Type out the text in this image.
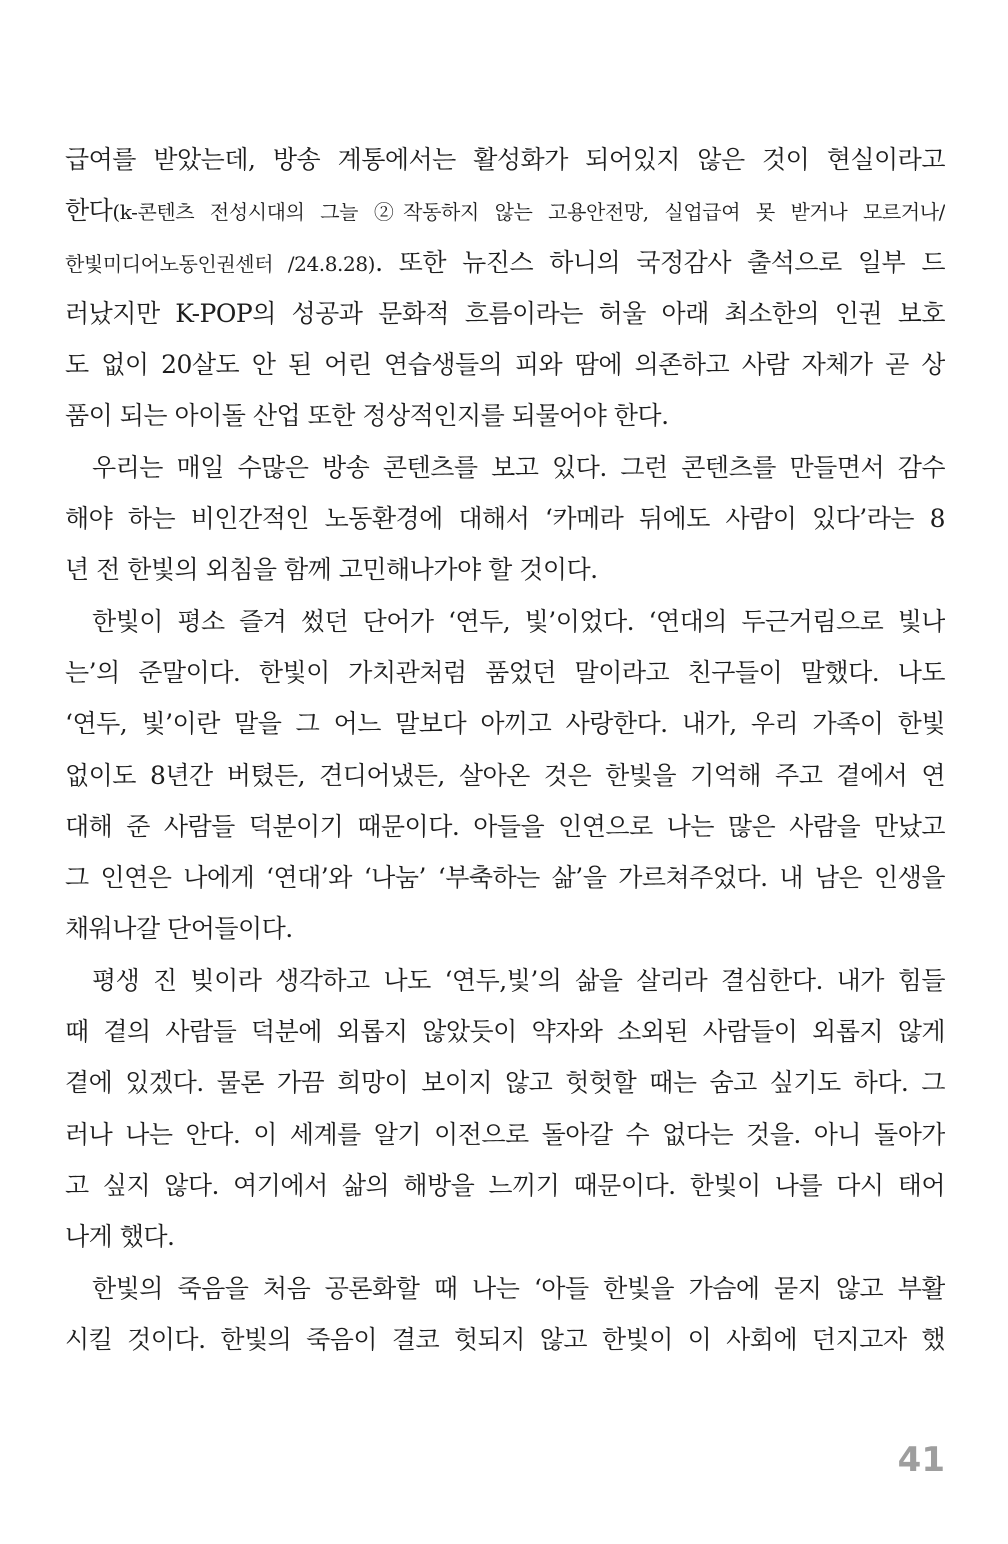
급여를 받았는데, 방송 계통에서는 활성화가 되어있지 않은 것이 현실이라고
한다(k-콘텐츠 전성시대의 그늘 ②작동하지 않는 고용안전망, 실업급여 못 받거나 모르거나/
한빛미디어노동인권센터 /24.8.28). 또한 뉴진스 하니의 국정감사 출석으로 일부 드
러났지만 K-POP의 성공과 문화적 흐름이라는 허울 아래 최소한의 인권 보호
도 없이 20살도 안 된 어린 연습생들의 피와 땀에 의존하고 사람 자체가 곧 상
품이 되는 아이돌 산업 또한 정상적인지를 되물어야 한다.
우리는 매일 수많은 방송 콘텐츠를 보고 있다. 그런 콘텐츠를 만들면서 감수
해야 하는 비인간적인 노동환경에 대해서 ‘카메라 뒤에도 사람이 있다’라는 8
년 전 한빛의 외침을 함께 고민해나가야 할 것이다.
한빛이 평소 즐겨 썼던 단어가 ‘연두, 빛’이었다. ‘연대의 두근거림으로 빛나
는’의 준말이다. 한빛이 가치관처럼 품었던 말이라고 친구들이 말했다. 나도
‘연두, 빛’이란 말을 그 어느 말보다 아끼고 사랑한다. 내가, 우리 가족이 한빛
없이도 8년간 버텼든, 견디어냈든, 살아온 것은 한빛을 기억해 주고 곁에서 연
대해 준 사람들 덕분이기 때문이다. 아들을 인연으로 나는 많은 사람을 만났고
그 인연은 나에게 ‘연대’와 ‘나눔’ ‘부축하는 삶’을 가르쳐주었다. 내 남은 인생을
채워나갈 단어들이다.
평생 진 빚이라 생각하고 나도 ‘연두,빛’의 삶을 살리라 결심한다. 내가 힘들
때 곁의 사람들 덕분에 외롭지 않았듯이 약자와 소외된 사람들이 외롭지 않게
곁에 있겠다. 물론 가끔 희망이 보이지 않고 헛헛할 때는 숨고 싶기도 하다. 그
러나 나는 안다. 이 세계를 알기 이전으로 돌아갈 수 없다는 것을. 아니 돌아가
고 싶지 않다. 여기에서 삶의 해방을 느끼기 때문이다. 한빛이 나를 다시 태어
나게 했다.
한빛의 죽음을 처음 공론화할 때 나는 ‘아들 한빛을 가슴에 묻지 않고 부활
시킬 것이다. 한빛의 죽음이 결코 헛되지 않고 한빛이 이 사회에 던지고자 했
41
